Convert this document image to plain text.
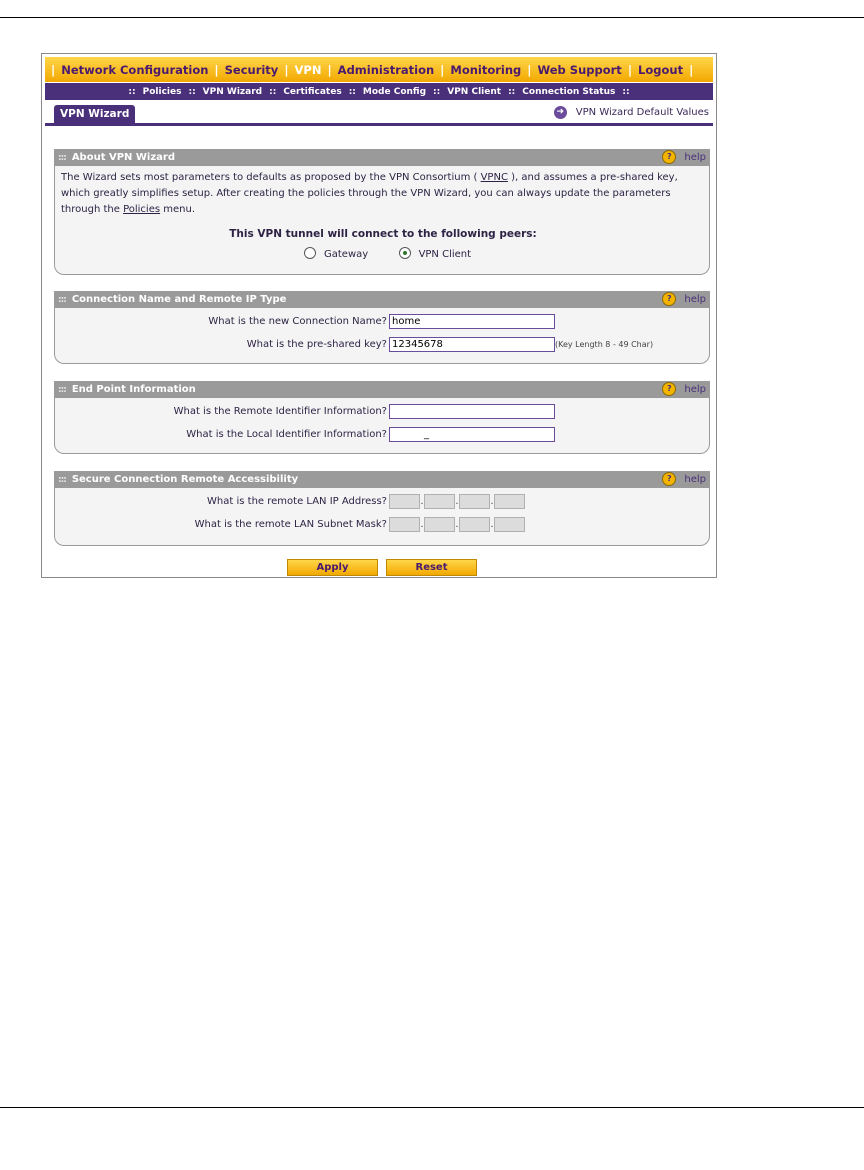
| Network Configuration | Security | VPN | Administration | Monitoring | Web Support | Logout |
:: Policies :: VPN Wizard :: Certificates :: Mode Config :: VPN Client :: Connection Status ::
VPN Wizard	➜ VPN Wizard Default Values
::: About VPN Wizard	?	help
The Wizard sets most parameters to defaults as proposed by the VPN Consortium ( VPNC ), and assumes a pre-shared key, which greatly simplifies setup. After creating the policies through the VPN Wizard, you can always update the parameters through the Policies menu.
This VPN tunnel will connect to the following peers:
Gateway	VPN Client
::: Connection Name and Remote IP Type	?	help
What is the new Connection Name? home
What is the pre-shared key? 12345678	(Key Length 8 - 49 Char)
::: End Point Information	?	help
What is the Remote Identifier Information?
What is the Local Identifier Information?	_
::: Secure Connection Remote Accessibility	?	help
What is the remote LAN IP Address?	.	.	.
What is the remote LAN Subnet Mask?	.	.	.
Apply	Reset
